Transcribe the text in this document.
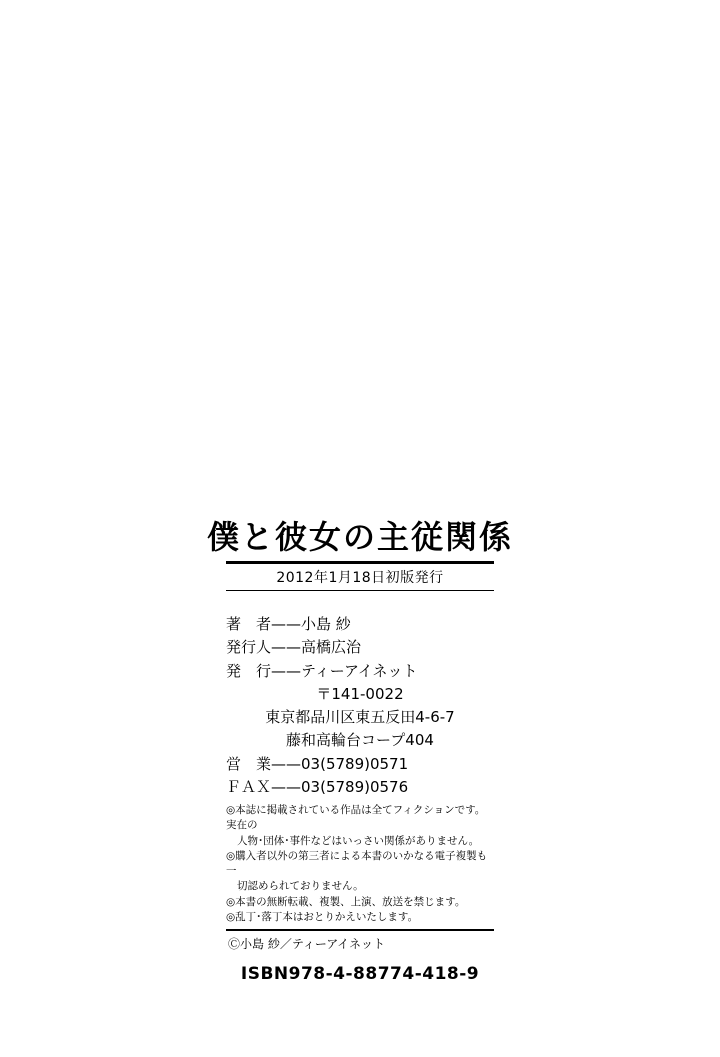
僕と彼女の主従関係
2012年1月18日初版発行
著　者——小島 紗
発行人——高橋広治
発　行——ティーアイネット
〒141-0022
東京都品川区東五反田4-6-7
藤和高輪台コープ404
営　業——03(5789)0571
ＦＡＸ——03(5789)0576
◎本誌に掲載されている作品は全てフィクションです。実在の
人物･団体･事件などはいっさい関係がありません。
◎購入者以外の第三者による本書のいかなる電子複製も一
切認められておりません。
◎本書の無断転載、複製、上演、放送を禁じます。
◎乱丁･落丁本はおとりかえいたします。
Ⓒ小島 紗／ティーアイネット
ISBN978-4-88774-418-9
